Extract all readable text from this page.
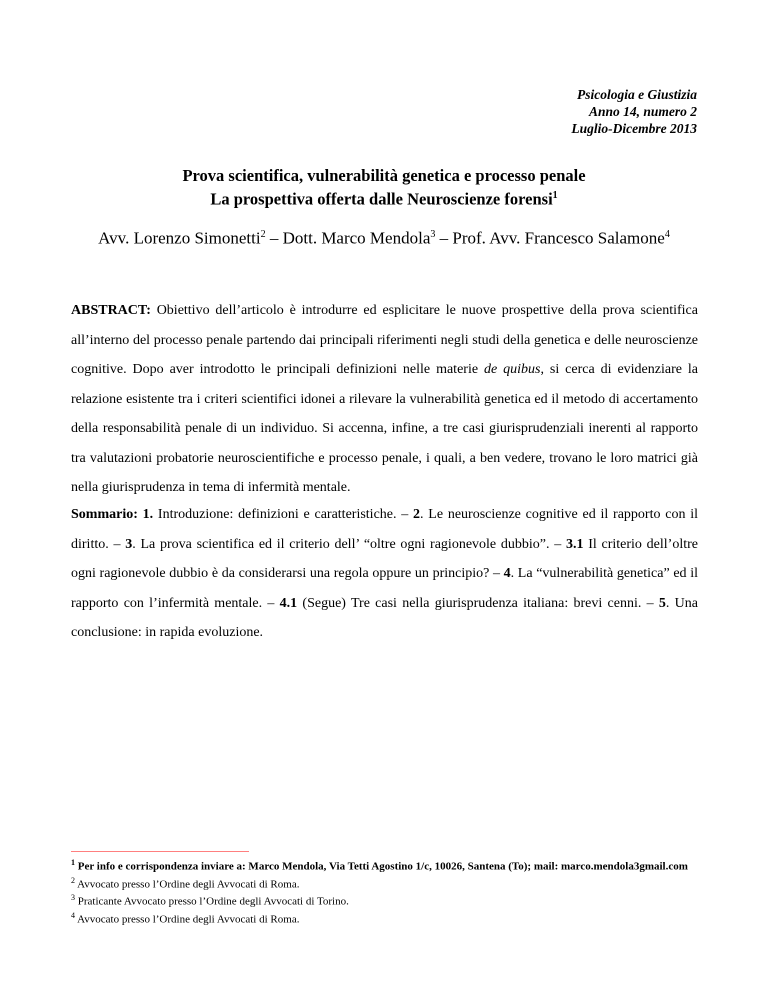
Psicologia e Giustizia
Anno 14, numero 2
Luglio-Dicembre 2013
Prova scientifica, vulnerabilità genetica e processo penale
La prospettiva offerta dalle Neuroscienze forensi$^1$
Avv. Lorenzo Simonetti$^2$ – Dott. Marco Mendola$^3$ – Prof. Avv. Francesco Salamone$^4$
ABSTRACT: Obiettivo dell’articolo è introdurre ed esplicitare le nuove prospettive della prova scientifica all’interno del processo penale partendo dai principali riferimenti negli studi della genetica e delle neuroscienze cognitive. Dopo aver introdotto le principali definizioni nelle materie de quibus, si cerca di evidenziare la relazione esistente tra i criteri scientifici idonei a rilevare la vulnerabilità genetica ed il metodo di accertamento della responsabilità penale di un individuo. Si accenna, infine, a tre casi giurisprudenziali inerenti al rapporto tra valutazioni probatorie neuroscientifiche e processo penale, i quali, a ben vedere, trovano le loro matrici già nella giurisprudenza in tema di infermità mentale.
Sommario: 1. Introduzione: definizioni e caratteristiche. – 2. Le neuroscienze cognitive ed il rapporto con il diritto. – 3. La prova scientifica ed il criterio dell’ “oltre ogni ragionevole dubbio”. – 3.1 Il criterio dell’oltre ogni ragionevole dubbio è da considerarsi una regola oppure un principio? – 4. La “vulnerabilità genetica” ed il rapporto con l’infermità mentale. – 4.1 (Segue) Tre casi nella giurisprudenza italiana: brevi cenni. – 5. Una conclusione: in rapida evoluzione.
$^1$ Per info e corrispondenza inviare a: Marco Mendola, Via Tetti Agostino 1/c, 10026, Santena (To); mail: marco.mendola3gmail.com
$^2$ Avvocato presso l’Ordine degli Avvocati di Roma.
$^3$ Praticante Avvocato presso l’Ordine degli Avvocati di Torino.
$^4$ Avvocato presso l’Ordine degli Avvocati di Roma.
